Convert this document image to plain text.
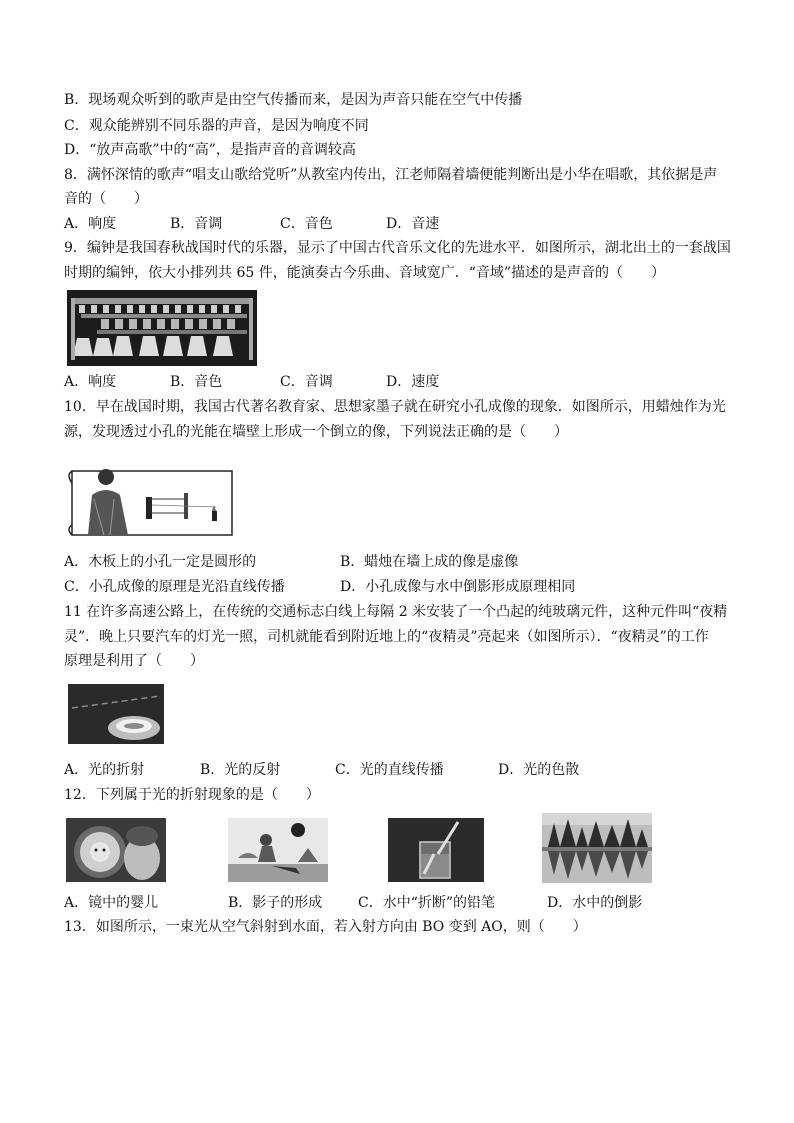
B．现场观众听到的歌声是由空气传播而来，是因为声音只能在空气中传播
C．观众能辨别不同乐器的声音，是因为响度不同
D．“放声高歌”中的“高”，是指声音的音调较高
8．满怀深情的歌声“唱支山歌给党听”从教室内传出，江老师隔着墙便能判断出是小华在唱歌，其依据是声
音的（　　）
A．响度	B．音调	C．音色	D．音速
9．编钟是我国春秋战国时代的乐器，显示了中国古代音乐文化的先进水平．如图所示，湖北出土的一套战国
时期的编钟，依大小排列共 65 件，能演奏古今乐曲、音域宽广．“音域”描述的是声音的（　　）
A．响度	B．音色	C．音调	D．速度
10．早在战国时期，我国古代著名教育家、思想家墨子就在研究小孔成像的现象．如图所示，用蜡烛作为光
源，发现透过小孔的光能在墙壁上形成一个倒立的像，下列说法正确的是（　　）
A．木板上的小孔一定是圆形的	B．蜡烛在墙上成的像是虚像
C．小孔成像的原理是光沿直线传播	D．小孔成像与水中倒影形成原理相同
11 在许多高速公路上，在传统的交通标志白线上每隔 2 米安装了一个凸起的纯玻璃元件，这种元件叫“夜精
灵”．晚上只要汽车的灯光一照，司机就能看到附近地上的“夜精灵”亮起来（如图所示）．“夜精灵”的工作
原理是利用了（　　）
A．光的折射	B．光的反射	C．光的直线传播	D．光的色散
12．下列属于光的折射现象的是（　　）
A．镜中的婴儿	B．影子的形成	C．水中“折断”的铅笔	D．水中的倒影
13．如图所示，一束光从空气斜射到水面，若入射方向由 BO 变到 AO，则（　　）
